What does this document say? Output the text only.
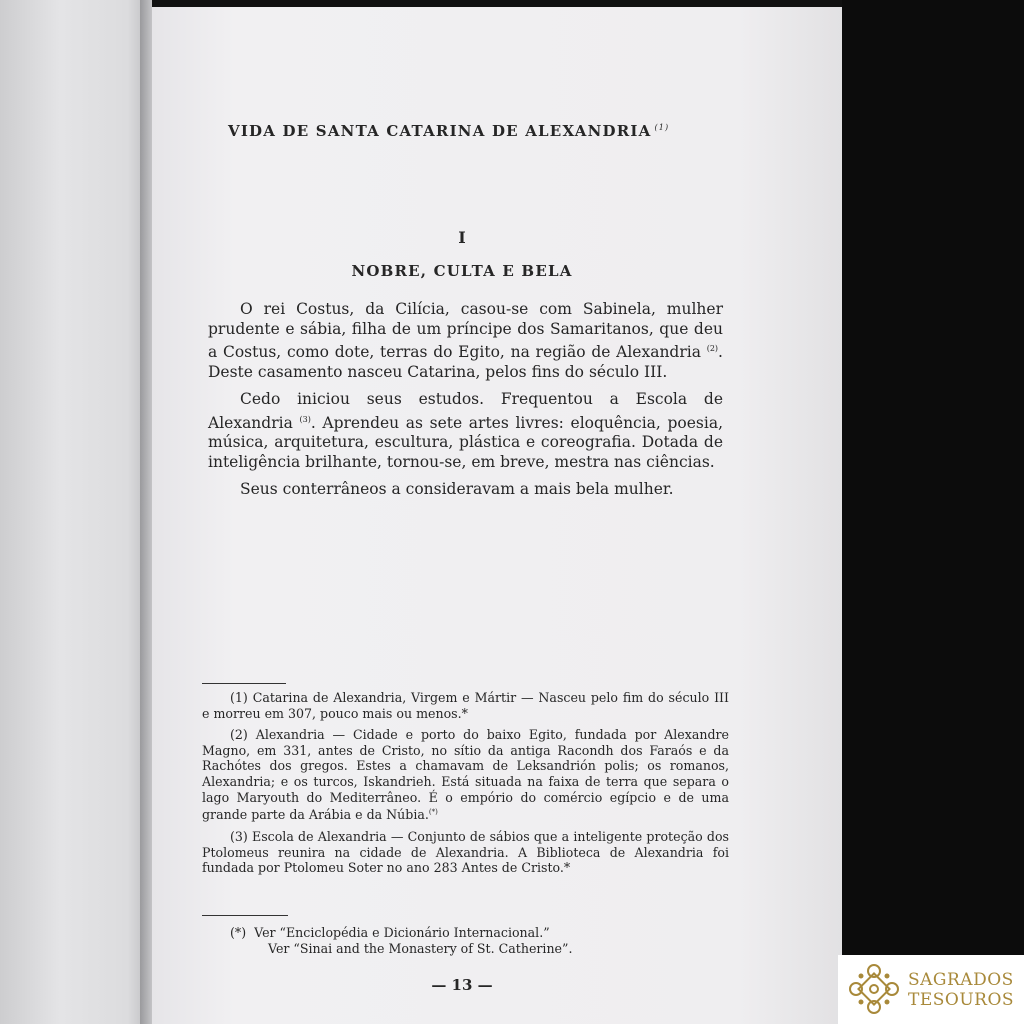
VIDA DE SANTA CATARINA DE ALEXANDRIA $^{(1)}$
I
NOBRE, CULTA E BELA

O rei Costus, da Cilícia, casou-se com Sabinela, mulher prudente e sábia, filha de um príncipe dos Samaritanos, que deu a Costus, como dote, terras do Egito, na região de Alexandria $^{(2)}$. Deste casamento nasceu Catarina, pelos fins do século III.

Cedo iniciou seus estudos. Frequentou a Escola de Alexandria $^{(3)}$. Aprendeu as sete artes livres: eloquência, poesia, música, arquitetura, escultura, plástica e coreografia. Dotada de inteligência brilhante, tornou-se, em breve, mestra nas ciências.

Seus conterrâneos a consideravam a mais bela mulher.

(1) Catarina de Alexandria, Virgem e Mártir — Nasceu pelo fim do século III e morreu em 307, pouco mais ou menos.*

(2) Alexandria — Cidade e porto do baixo Egito, fundada por Alexandre Magno, em 331, antes de Cristo, no sítio da antiga Racondh dos Faraós e da Rachótes dos gregos. Estes a chamavam de Leksandrión polis; os romanos, Alexandria; e os turcos, Iskandrieh. Está situada na faixa de terra que separa o lago Maryouth do Mediterrâneo. É o empório do comércio egípcio e de uma grande parte da Arábia e da Núbia.(*)

(3) Escola de Alexandria — Conjunto de sábios que a inteligente proteção dos Ptolomeus reunira na cidade de Alexandria. A Biblioteca de Alexandria foi fundada por Ptolomeu Soter no ano 283 Antes de Cristo.*

(*) Ver “Enciclopédia e Dicionário Internacional.”
Ver “Sinai and the Monastery of St. Catherine”.
— 13 —	SAGRADOS
TESOUROS
